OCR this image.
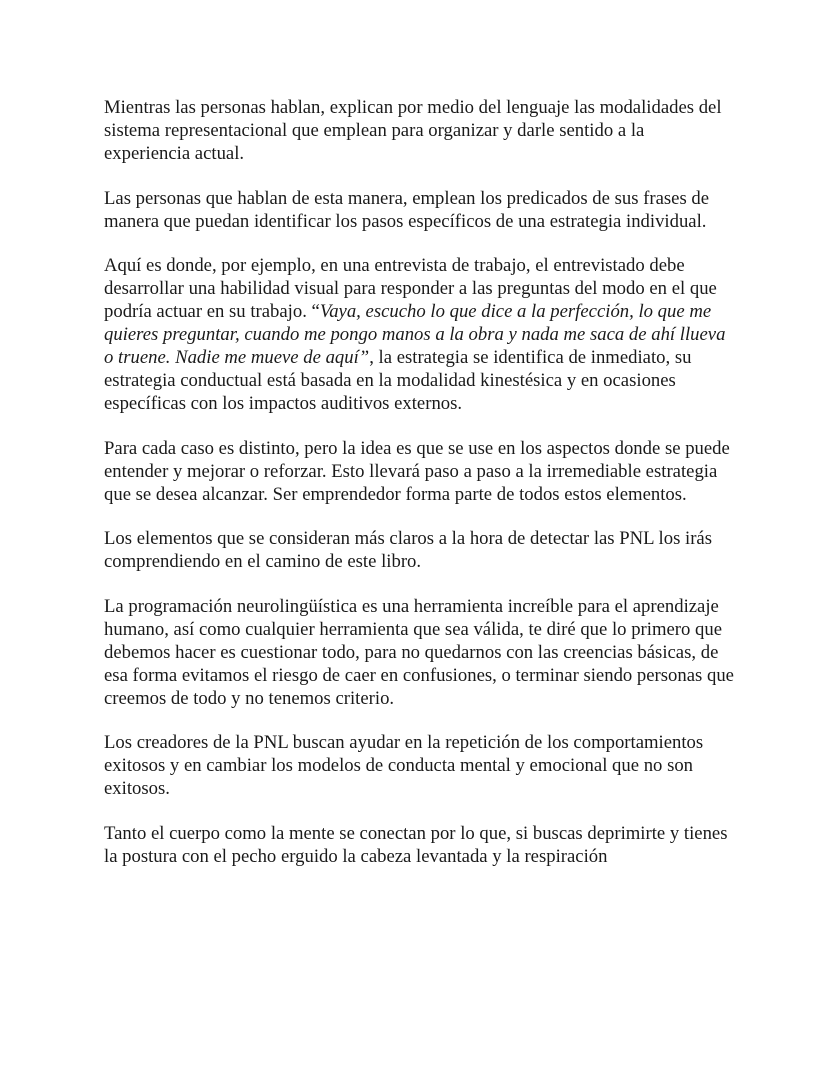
Mientras las personas hablan, explican por medio del lenguaje las modalidades del sistema representacional que emplean para organizar y darle sentido a la experiencia actual.

Las personas que hablan de esta manera, emplean los predicados de sus frases de manera que puedan identificar los pasos específicos de una estrategia individual.

Aquí es donde, por ejemplo, en una entrevista de trabajo, el entrevistado debe desarrollar una habilidad visual para responder a las preguntas del modo en el que podría actuar en su trabajo. “Vaya, escucho lo que dice a la perfección, lo que me quieres preguntar, cuando me pongo manos a la obra y nada me saca de ahí llueva o truene. Nadie me mueve de aquí”, la estrategia se identifica de inmediato, su estrategia conductual está basada en la modalidad kinestésica y en ocasiones específicas con los impactos auditivos externos.

Para cada caso es distinto, pero la idea es que se use en los aspectos donde se puede entender y mejorar o reforzar. Esto llevará paso a paso a la irremediable estrategia que se desea alcanzar. Ser emprendedor forma parte de todos estos elementos.

Los elementos que se consideran más claros a la hora de detectar las PNL los irás comprendiendo en el camino de este libro.

La programación neurolingüística es una herramienta increíble para el aprendizaje humano, así como cualquier herramienta que sea válida, te diré que lo primero que debemos hacer es cuestionar todo, para no quedarnos con las creencias básicas, de esa forma evitamos el riesgo de caer en confusiones, o terminar siendo personas que creemos de todo y no tenemos criterio.

Los creadores de la PNL buscan ayudar en la repetición de los comportamientos exitosos y en cambiar los modelos de conducta mental y emocional que no son exitosos.

Tanto el cuerpo como la mente se conectan por lo que, si buscas deprimirte y tienes la postura con el pecho erguido la cabeza levantada y la respiración
